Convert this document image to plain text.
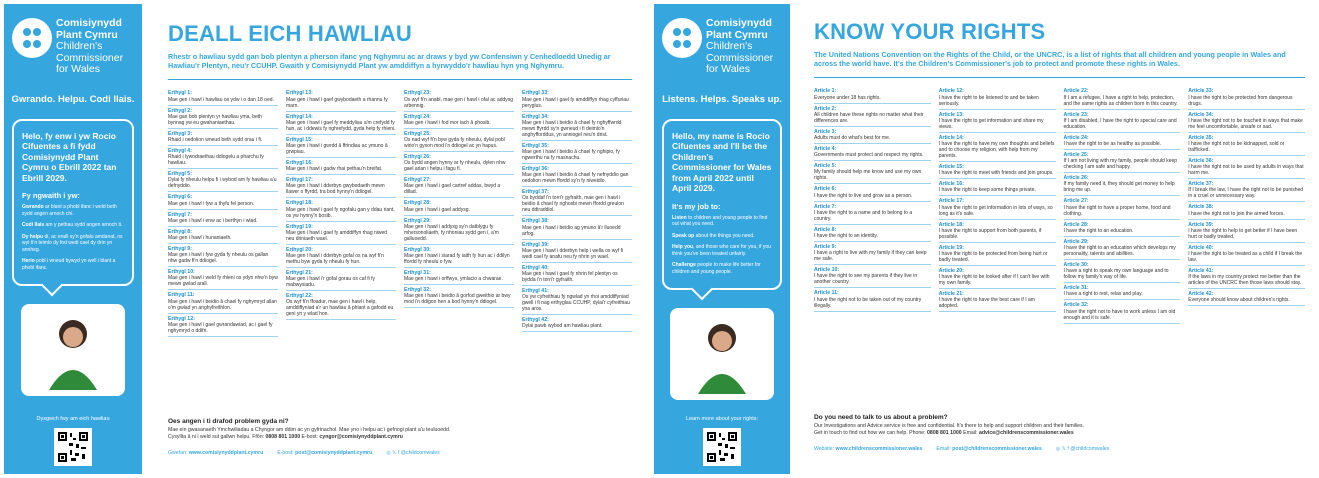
Comisiynydd
Plant Cymru
Children's
Commissioner
for Wales
Gwrando. Helpu. Codi llais.
Helo, fy enw i yw Rocio Cifuentes a fi fydd Comisiynydd Plant Cymru o Ebrill 2022 tan Ebrill 2029.
Fy ngwaith i yw:

Gwrando ar blant a phobl ifanc i weld beth sydd angen arnoch chi.

Codi llais am y pethau sydd angen arnoch ti.

Dy helpu di, ac eraill sy'n gofalu amdanat, os wyt ti'n teimlo dy fod wedi cael dy drin yn annheg.

Herio pobl i wneud bywyd yn well i blant a phobl ifanc.

Dysgwch fwy am eich hawliau
DEALL EICH HAWLIAU

Rhestr o hawliau sydd gan bob plentyn a pherson ifanc yng Nghymru ac ar draws y byd yw Confensiwn y Cenhedloedd Unedig ar Hawliau'r Plentyn, neu'r CCUHP. Gwaith y Comisiynydd Plant yw amddiffyn a hyrwyddo'r hawliau hyn yng Nghymru.

Erthygl 1:
Mae gen i hawl i hawliau os ydw i o dan 18 oed.
Erthygl 2:
Mae gan bob plentyn yr hawliau yma, beth bynnag yw eu gwahaniaethau.
Erthygl 3:
Rhaid i oedolion wneud beth sydd orau i fi.
Erthygl 4:
Rhaid i lywodraethau ddiogelu a pharchu fy hawliau.
Erthygl 5:
Dylai fy nheulu helpu fi i wybod am fy hawliau a'u defnyddio.
Erthygl 6:
Mae gen i hawl i fyw a thyfu fel person.
Erthygl 7:
Mae gen i hawl i enw ac i berthyn i wlad.
Erthygl 8:
Mae gen i hawl i hunaniaeth.
Erthygl 9:
Mae gen i hawl i fyw gyda fy nheulu os gallan nhw gadw fi'n ddiogel.
Erthygl 10:
Mae gen i hawl i weld fy rhieni os ydyn nhw'n byw mewn gwlad arall.
Erthygl 11:
Mae gen i hawl i beidio â chael fy nghymryd allan o'm gwlad yn anghyfreithlon.
Erthygl 12:
Mae gen i hawl i gael gwrandawiad, ac i gael fy nghymryd o ddifri.
Erthygl 13:
Mae gen i hawl i gael gwybodaeth a rhannu fy marn.
Erthygl 14:
Mae gen i hawl i gael fy meddyliau a'm crefydd fy hun, ac i ddewis fy nghrefydd, gyda help fy rhieni.
Erthygl 15:
Mae gen i hawl i gwrdd â ffrindiau ac ymuno â grwpiau.
Erthygl 16:
Mae gen i hawl i gadw rhai pethau'n breifat.
Erthygl 17:
Mae gen i hawl i dderbyn gwybodaeth mewn llawer o ffyrdd, tra bod hynny'n ddiogel.
Erthygl 18:
Mae gen i hawl i gael fy ngofalu gan y ddau riant, os yw hynny'n bosib.
Erthygl 19:
Mae gen i hawl i gael fy amddiffyn rhag niwed neu driniaeth wael.
Erthygl 20:
Mae gen i hawl i dderbyn gofal os na wyf fi'n methu byw gyda fy nheulu fy hun.
Erthygl 21:
Mae gen i hawl i'r gofal gorau os caf fi fy mabwysiadu.
Erthygl 22:
Os wyf fi'n ffoadur, mae gen i hawl i help, amddiffyniad a'r un hawliau â phlant a gafodd eu geni yn y wlad hon.
Erthygl 23:
Os wyf fi'n anabl, mae gen i hawl i ofal ac addysg arbennig.
Erthygl 24:
Mae gen i hawl i fod mor iach â phosib.
Erthygl 25:
Os nad wyf fi'n byw gyda fy nheulu, dylai pobl wirio'n gyson mod i'n ddiogel ac yn hapus.
Erthygl 26:
Os bydd angen hynny ar fy nheulu, dylen nhw gael arian i helpu i fagu fi.
Erthygl 27:
Mae gen i hawl i gael cartref addas, bwyd a dillad.
Erthygl 28:
Mae gen i hawl i gael addysg.
Erthygl 29:
Mae gen i hawl i addysg sy'n datblygu fy mhersonoliaeth, fy nhoniau sydd gen i, a'm galluoedd.
Erthygl 30:
Mae gen i hawl i siarad fy iaith fy hun ac i ddilyn ffordd fy nheulu o fyw.
Erthygl 31:
Mae gen i hawl i orffwys, ymlacio a chwarae.
Erthygl 32:
Mae gen i hawl i beidio â gorfod gweithio ar bwy mod i'n ddigon hen a bod hynny'n ddiogel.
Erthygl 33:
Mae gen i hawl i gael fy amddiffyn rhag cyffuriau peryglus.
Erthygl 34:
Mae gen i hawl i beidio â chael fy nghyffwrdd mewn ffyrdd sy'n gwneud i fi deimlo'n anghyfforddus, yn anniogel neu'n drist.
Erthygl 35:
Mae gen i hawl i beidio â chael fy nghipio, fy ngwerthu na fy masnachu.
Erthygl 36:
Mae gen i hawl i beidio â chael fy nefnyddio gan oedolion mewn ffordd sy'n fy niweidio.
Erthygl 37:
Os byddaf i'n torri'r gyfraith, mae gen i hawl i beidio â chael fy nghosbi mewn ffordd greulon neu ddiraddiol.
Erthygl 38:
Mae gen i hawl i beidio ag ymuno â'r lluoedd arfog.
Erthygl 39:
Mae gen i hawl i dderbyn help i wella os wyf fi wedi cael fy anafu neu fy nhrin yn wael.
Erthygl 40:
Mae gen i hawl i gael fy nhrin fel plentyn os bydda i'n torri'r gyfraith.
Erthygl 41:
Os yw cyfreithiau fy ngwlad yn rhoi amddiffyniad gwell i fi nag erthyglau CCUHP, dylai'r cyfreithiau yna aros.
Erthygl 42:
Dylai pawb wybod am hawliau plant.
Oes angen i ti drafod problem gyda ni?
Mae ein gwasanaeth Ymchwiliadau a Chyngor am ddim ac yn gyfrinachol. Mae yno i helpu ac i gefnogi plant a'u teuluoedd.
Cysyllta â ni i weld sut gallwn helpu. Ffôn: 0808 801 1000 E-bost: cyngor@comisiynyddplant.cymru
Gwefan: www.comisiynyddplant.cymru	E-bost: post@comisiynyddplant.cymru	◎ 𝕏 f @childcomwales
Comisiynydd
Plant Cymru
Children's
Commissioner
for Wales
Listens. Helps. Speaks up.
Hello, my name is Rocio Cifuentes and I'll be the Children's Commissioner for Wales from April 2022 until April 2029.
It's my job to:

Listen to children and young people to find out what you need.

Speak up about the things you need.

Help you, and those who care for you, if you think you've been treated unfairly.

Challenge people to make life better for children and young people.

Learn more about your rights:
KNOW YOUR RIGHTS

The United Nations Convention on the Rights of the Child, or the UNCRC, is a list of rights that all children and young people in Wales and across the world have. It's the Children's Commissioner's job to protect and promote these rights in Wales.

Article 1:
Everyone under 18 has rights.
Article 2:
All children have these rights no matter what their differences are.
Article 3:
Adults must do what's best for me.
Article 4:
Governments must protect and respect my rights.
Article 5:
My family should help me know and use my own rights.
Article 6:
I have the right to live and grow as a person.
Article 7:
I have the right to a name and to belong to a country.
Article 8:
I have the right to an identity.
Article 9:
I have a right to live with my family if they can keep me safe.
Article 10:
I have the right to see my parents if they live in another country.
Article 11:
I have the right not to be taken out of my country illegally.
Article 12:
I have the right to be listened to and be taken seriously.
Article 13:
I have the right to get information and share my views.
Article 14:
I have the right to have my own thoughts and beliefs and to choose my religion, with help from my parents.
Article 15:
I have the right to meet with friends and join groups.
Article 16:
I have the right to keep some things private.
Article 17:
I have the right to get information in lots of ways, so long as it's safe.
Article 18:
I have the right to support from both parents, if possible.
Article 19:
I have the right to be protected from being hurt or badly treated.
Article 20:
I have the right to be looked after if I can't live with my own family.
Article 21:
I have the right to have the best care if I am adopted.
Article 22:
If I am a refugee, I have a right to help, protection, and the same rights as children born in this country.
Article 23:
If I am disabled, I have the right to special care and education.
Article 24:
I have the right to be as healthy as possible.
Article 25:
If I am not living with my family, people should keep checking I am safe and happy.
Article 26:
If my family need it, they should get money to help bring me up.
Article 27:
I have the right to have a proper home, food and clothing.
Article 28:
I have the right to an education.
Article 29:
I have the right to an education which develops my personality, talents and abilities.
Article 30:
I have a right to speak my own language and to follow my family's way of life.
Article 31:
I have a right to rest, relax and play.
Article 32:
I have the right not to have to work unless I am old enough and it is safe.
Article 33:
I have the right to be protected from dangerous drugs.
Article 34:
I have the right not to be touched in ways that make me feel uncomfortable, unsafe or sad.
Article 35:
I have the right not to be kidnapped, sold or trafficked.
Article 36:
I have the right not to be used by adults in ways that harm me.
Article 37:
If I break the law, I have the right not to be punished in a cruel or unnecessary way.
Article 38:
I have the right not to join the armed forces.
Article 39:
I have the right to help to get better if I have been hurt or badly treated.
Article 40:
I have the right to be treated as a child if I break the law.
Article 41:
If the laws in my country protect me better than the articles of the UNCRC then those laws should stay.
Article 42:
Everyone should know about children's rights.
Do you need to talk to us about a problem?
Our Investigations and Advice service is free and confidential. It's there to help and support children and their families.
Get in touch to find out how we can help. Phone: 0808 801 1000 Email: advice@childrenscommissioner.wales
Website: www.childrenscommissioner.wales	Email: post@childrenscommissioner.wales	◎ 𝕏 f @childcomwales
